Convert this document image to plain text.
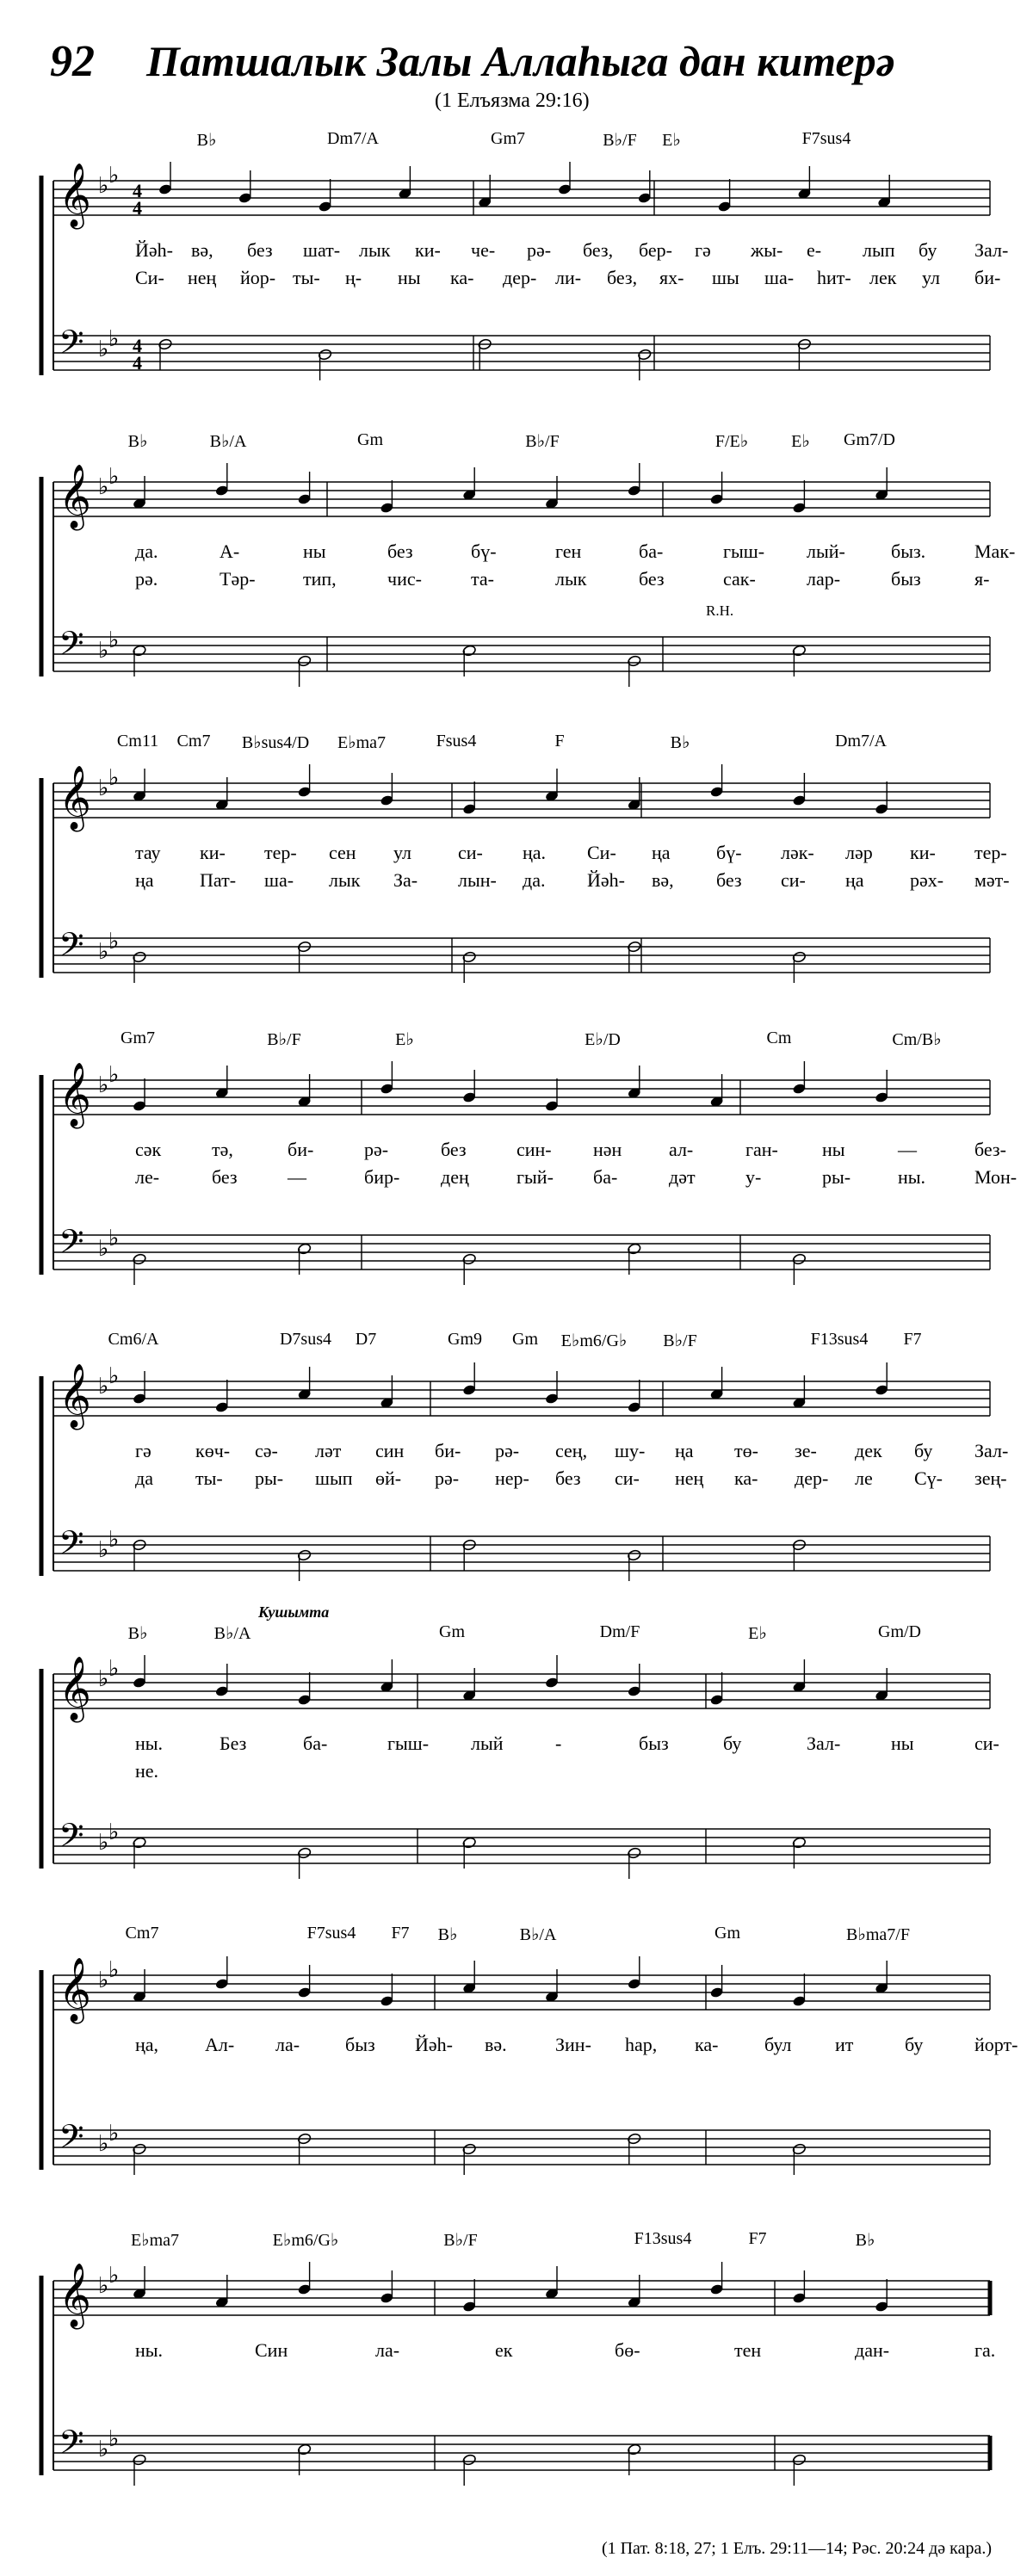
92 Патшалык Залы Аллаһыга дан китерә
(1 Елъязма 29:16)
𝄞
𝄢
♭ ♭
♭ ♭
4
4
4
4
B♭	Dm7/A	Gm7	B♭/F E♭	F7sus4
Йәһ- вә, без шат- лык ки- че- рә- без, бер- гә жы- е- лып бу Зал-
Си- нең йор- ты- ң- ны ка- дер- ли- без, ях- шы ша- һит- лек ул би-
𝄞
𝄢
♭ ♭
♭ ♭
B♭	B♭/A	Gm	B♭/F	F/E♭	E♭ Gm7/D
R.H.
да.	А-	ны	без	бү-	ген	ба-	гыш- лый- быз.	Мак-
рә.	Тәр-	тип,	чис-	та-	лык	без	сак-	лар-	быз	я-
𝄞
𝄢
♭ ♭
♭ ♭
Cm11 Cm7 B♭sus4/D E♭ma7	Fsus4	F	B♭	Dm7/A
тау ки- тер- сен ул си- ңа. Си- ңа бү- ләк- ләр ки- тер-
ңа Пат- ша- лык За- лын- да. Йәһ- вә, без си- ңа рәх- мәт-
𝄞
𝄢
♭ ♭
♭ ♭
Gm7	B♭/F	E♭	E♭/D	Cm	Cm/B♭
сәк	тә,	би-	рә-	без	син- нән ал-	ган- ны	—	без-
ле-	без	—	бир- дең	гый- ба-	дәт	у-	ры- ны.	Мон-
𝄞
𝄢
♭ ♭
♭ ♭
Cm6/A	D7sus4 D7	Gm9 Gm E♭m6/G♭ B♭/F	F13sus4 F7
гә көч- сә- ләт син би- рә- сең, шу- ңа тө- зе- дек бу Зал-
да ты- ры- шып өй- рә- нер- без си- нең ка- дер- ле Сү- зең-
𝄞
𝄢
♭ ♭
♭ ♭
B♭	B♭/A	Gm	Dm/F	E♭	Gm/D
Кушымта
ны.	Без	ба-	гыш- лый	-	быз	бу	Зал-	ны	си-
не.
𝄞
𝄢
♭ ♭
♭ ♭
Cm7	F7sus4 F7 B♭	B♭/A	Gm	B♭ma7/F
ңа, Ал- ла- быз Йәһ- вә.	Зин- һар, ка- бул ит	бу	йорт-
𝄞
𝄢
♭ ♭
♭ ♭
E♭ma7	E♭m6/G♭	B♭/F	F13sus4	F7	B♭
ны.	Син	ла-	ек	бө-	тен	дан-	га.
(1 Пат. 8:18, 27; 1 Елъ. 29:11—14; Рәс. 20:24 дә кара.)
